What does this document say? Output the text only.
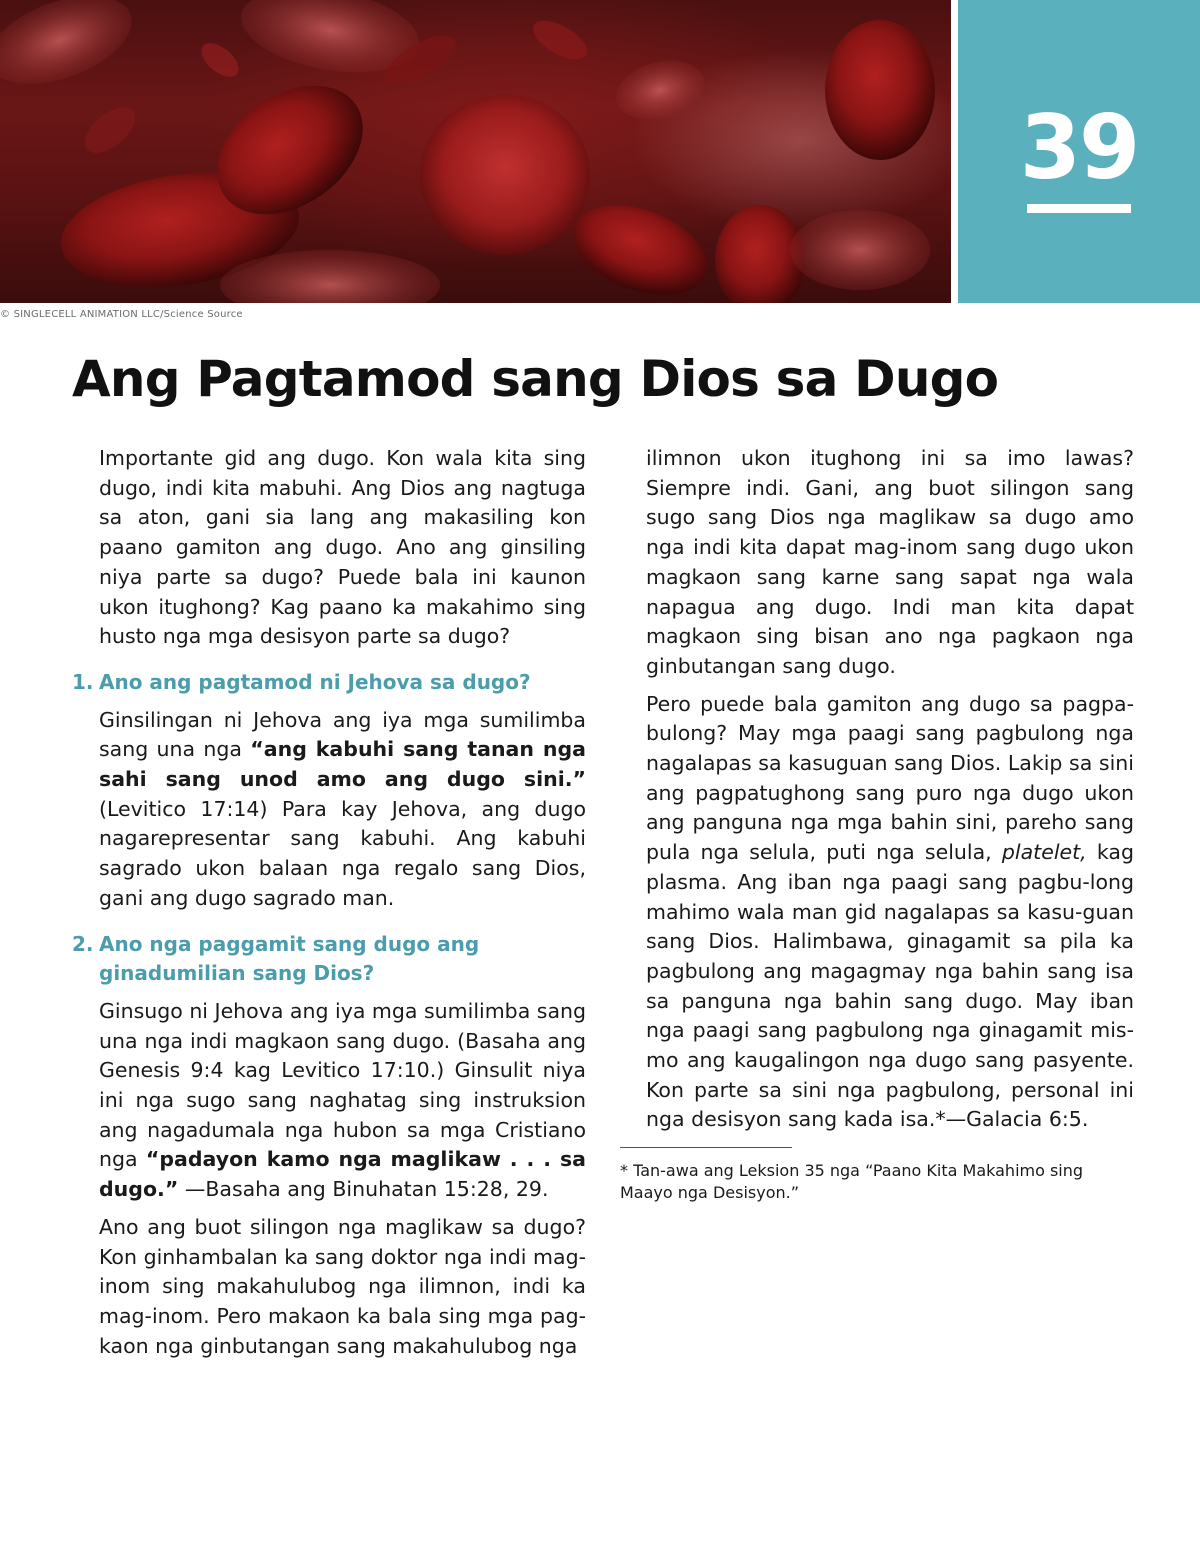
© SINGLECELL ANIMATION LLC/Science Source
39
Ang Pagtamod sang Dios sa Dugo

Importante gid ang dugo. Kon wala kita sing dugo, indi kita mabuhi. Ang Dios ang nagtuga sa aton, gani sia lang ang makasiling kon paano gamiton ang dugo. Ano ang ginsiling niya parte sa dugo? Puede bala ini kaunon ukon itughong? Kag paano ka makahimo sing husto nga mga desisyon parte sa dugo?

1. Ano ang pagtamod ni Jehova sa dugo?

Ginsilingan ni Jehova ang iya mga sumilimba sang una nga “ang kabuhi sang tanan nga sahi sang unod amo ang dugo sini.” (Levitico 17:14) Para kay Jehova, ang dugo nagarepresentar sang kabuhi. Ang kabuhi sagrado ukon balaan nga regalo sang Dios, gani ang dugo sagrado man.

2. Ano nga paggamit sang dugo ang ginadumilian sang Dios?

Ginsugo ni Jehova ang iya mga sumilimba sang una nga indi magkaon sang dugo. (Basaha ang Genesis 9:4 kag Levitico 17:10.) Ginsulit niya ini nga sugo sang naghatag sing instruksion ang nagadumala nga hubon sa mga Cristiano nga “padayon kamo nga maglikaw . . . sa dugo.” —Basaha ang Binuhatan 15:28, 29.

Ano ang buot silingon nga maglikaw sa dugo? Kon ginhambalan ka sang doktor nga indi mag-inom sing makahulubog nga ilimnon, indi ka mag-inom. Pero makaon ka bala sing mga pag-kaon nga ginbutangan sang makahulubog nga

ilimnon ukon itughong ini sa imo lawas? Siempre indi. Gani, ang buot silingon sang sugo sang Dios nga maglikaw sa dugo amo nga indi kita dapat mag-inom sang dugo ukon magkaon sang karne sang sapat nga wala napagua ang dugo. Indi man kita dapat magkaon sing bisan ano nga pagkaon nga ginbutangan sang dugo.

Pero puede bala gamiton ang dugo sa pagpa-bulong? May mga paagi sang pagbulong nga nagalapas sa kasuguan sang Dios. Lakip sa sini ang pagpatughong sang puro nga dugo ukon ang panguna nga mga bahin sini, pareho sang pula nga selula, puti nga selula, platelet, kag plasma. Ang iban nga paagi sang pagbu-long mahimo wala man gid nagalapas sa kasu-guan sang Dios. Halimbawa, ginagamit sa pila ka pagbulong ang magagmay nga bahin sang isa sa panguna nga bahin sang dugo. May iban nga paagi sang pagbulong nga ginagamit mis-mo ang kaugalingon nga dugo sang pasyente. Kon parte sa sini nga pagbulong, personal ini nga desisyon sang kada isa.*—Galacia 6:5.

* Tan-awa ang Leksion 35 nga “Paano Kita Makahimo sing Maayo nga Desisyon.”
